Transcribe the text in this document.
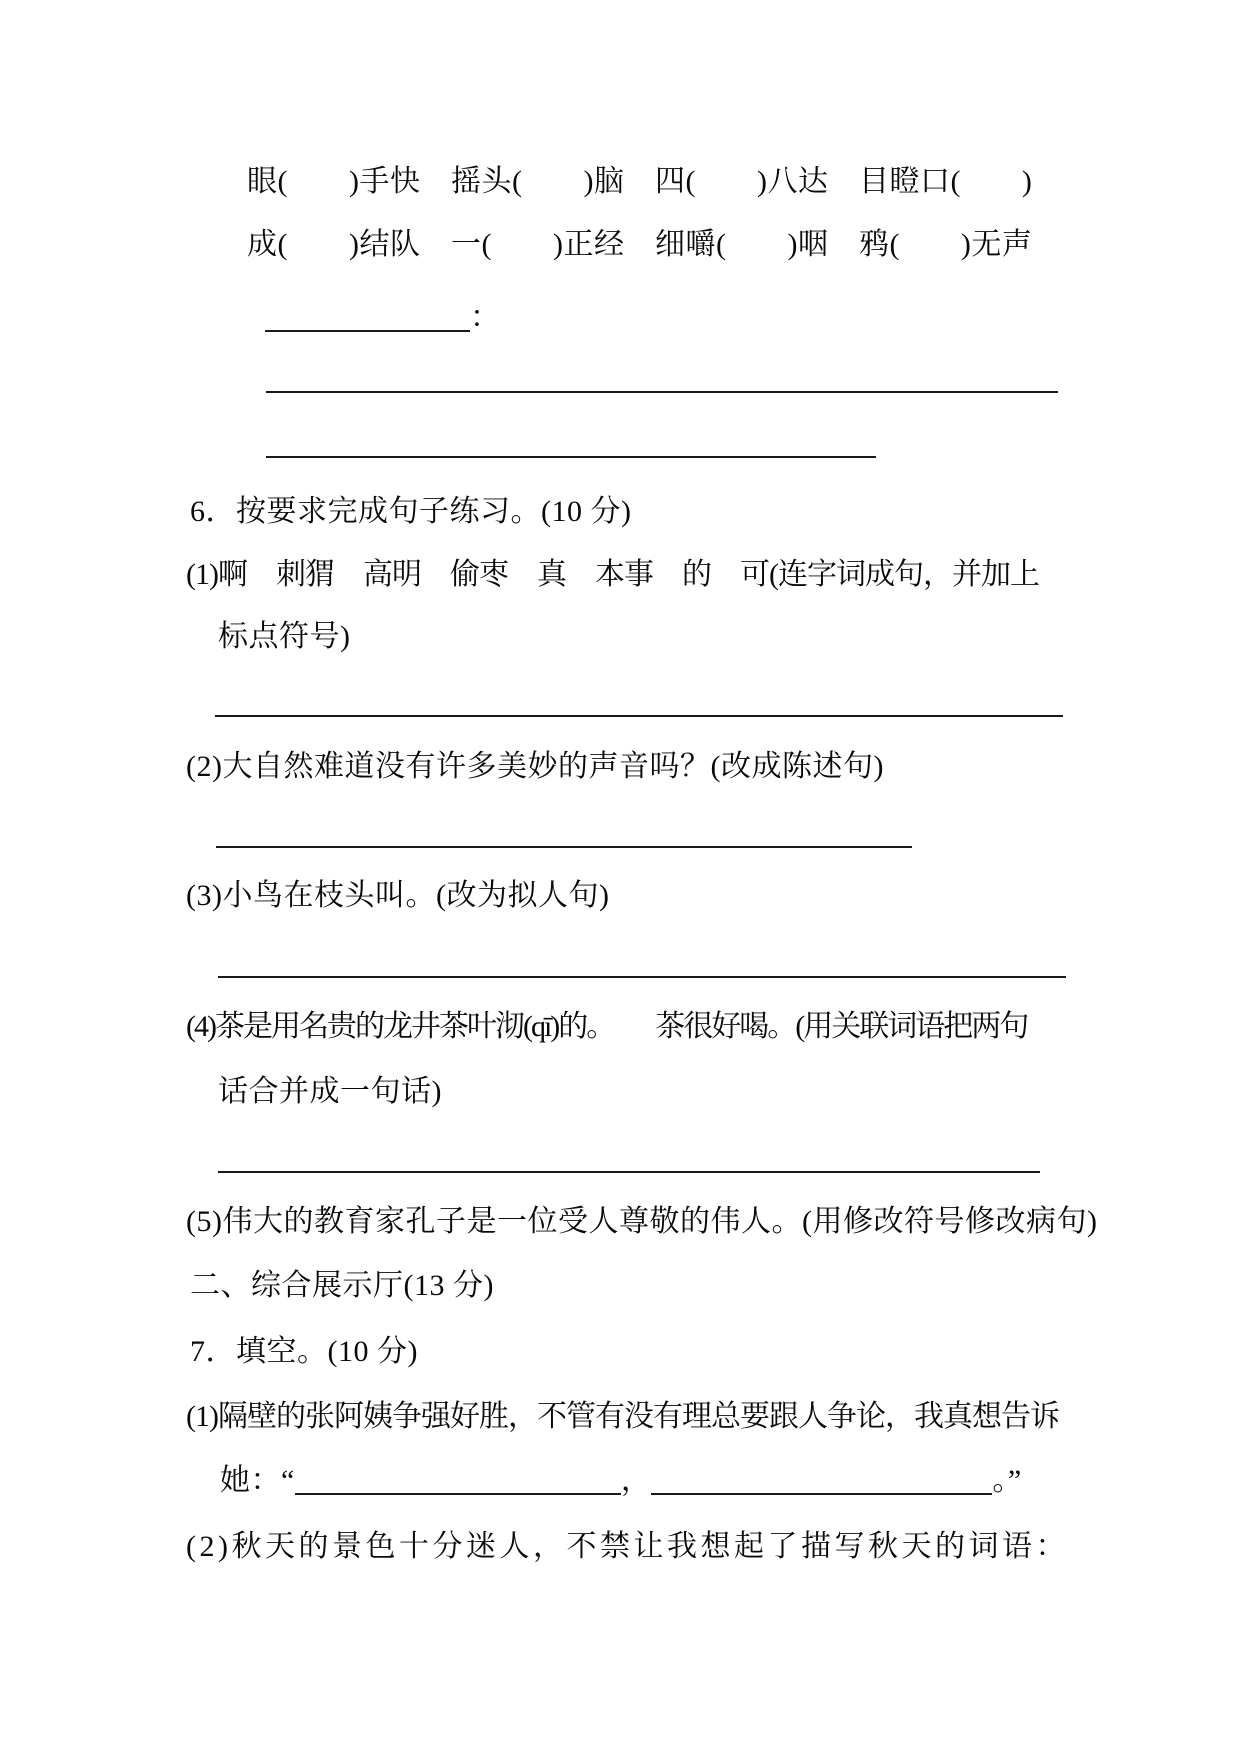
眼(　　)手快　摇头(　　)脑　四(　　)八达　目瞪口(　　)
成(　　)结队　一(　　)正经　细嚼(　　)咽　鸦(　　)无声
：
6．按要求完成句子练习。(10 分)
(1)啊　刺猬　高明　偷枣　真　本事　的　可(连字词成句，并加上
标点符号)
(2)大自然难道没有许多美妙的声音吗？(改成陈述句)
(3)小鸟在枝头叫。(改为拟人句)
(4)茶是用名贵的龙井茶叶沏(qī)的。　　茶很好喝。(用关联词语把两句
话合并成一句话)
(5)伟大的教育家孔子是一位受人尊敬的伟人。(用修改符号修改病句)
二、综合展示厅(13 分)
7．填空。(10 分)
(1)隔壁的张阿姨争强好胜，不管有没有理总要跟人争论，我真想告诉
她：“	，	。”
(2)秋天的景色十分迷人，不禁让我想起了描写秋天的词语：
